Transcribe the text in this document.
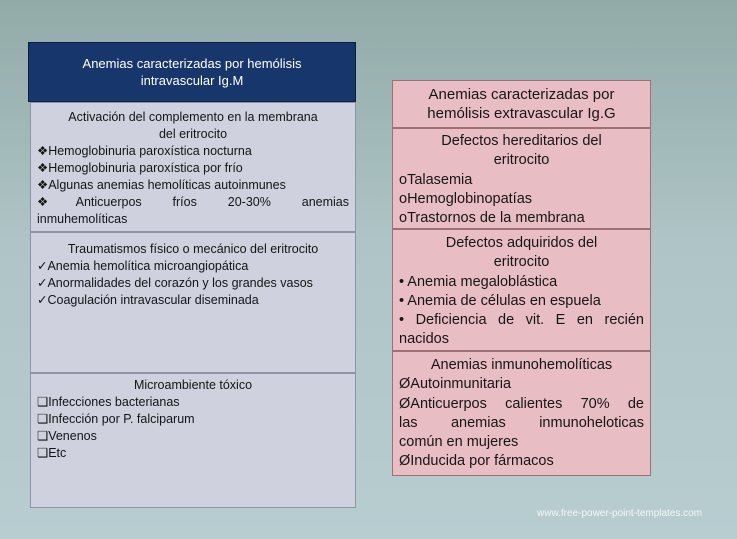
Anemias caracterizadas por hemólisis
intravascular Ig.M
Activación del complemento en la membrana
del eritrocito
❖Hemoglobinuria paroxística nocturna
❖Hemoglobinuria paroxística por frío
❖Algunas anemias hemolíticas autoinmunes
❖Anticuerpos fríos 20-30% anemias
inmuhemolíticas
Traumatismos físico o mecánico del eritrocito
✓Anemia hemolítica microangiopática
✓Anormalidades del corazón y los grandes vasos
✓Coagulación intravascular diseminada
Microambiente tóxico
❑Infecciones bacterianas
❑Infección por P. falciparum
❑Venenos
❑Etc
Anemias caracterizadas por
hemólisis extravascular Ig.G
Defectos hereditarios del
eritrocito
oTalasemia
oHemoglobinopatías
oTrastornos de la membrana
Defectos adquiridos del
eritrocito
• Anemia megaloblástica
• Anemia de células en espuela
• Deficiencia de vit. E en recién
nacidos
Anemias inmunohemolíticas
ØAutoinmunitaria
ØAnticuerpos calientes 70% de
las anemias inmunoheloticas
común en mujeres
ØInducida por fármacos
www.free-power-point-templates.com
